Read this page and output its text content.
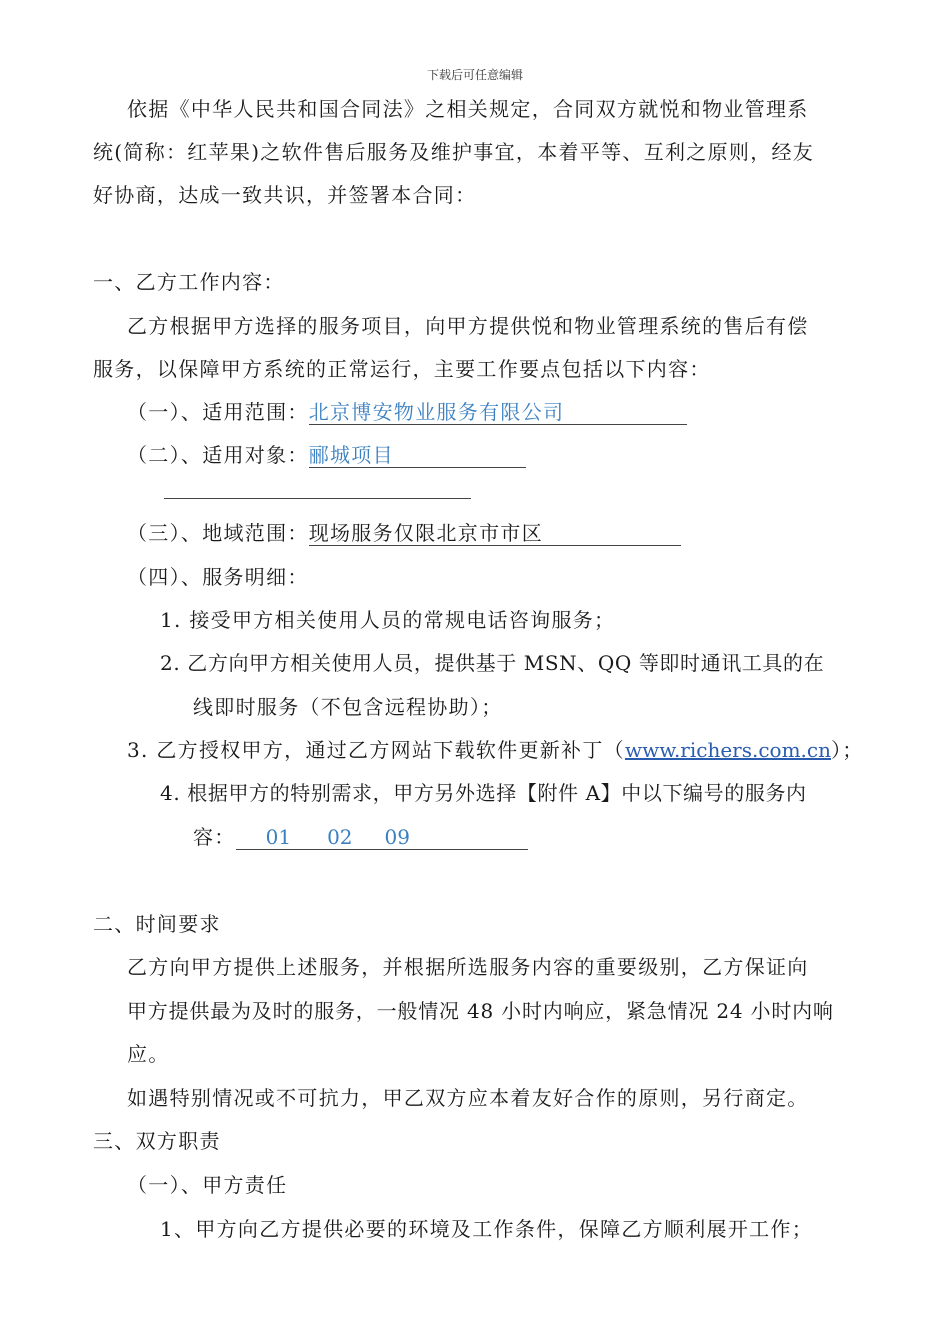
下载后可任意编辑
依据《中华人民共和国合同法》之相关规定，合同双方就悦和物业管理系
统(简称：红苹果)之软件售后服务及维护事宜，本着平等、互利之原则，经友
好协商，达成一致共识，并签署本合同：
一、乙方工作内容：
乙方根据甲方选择的服务项目，向甲方提供悦和物业管理系统的售后有偿
服务，以保障甲方系统的正常运行，主要工作要点包括以下内容：
（一）、适用范围：北京博安物业服务有限公司
（二）、适用对象：郦城项目
（三）、地域范围：现场服务仅限北京市市区
（四）、服务明细：
1. 接受甲方相关使用人员的常规电话咨询服务；
2. 乙方向甲方相关使用人员，提供基于 MSN、QQ 等即时通讯工具的在
线即时服务（不包含远程协助）；
3. 乙方授权甲方，通过乙方网站下载软件更新补丁（www.richers.com.cn）；
4. 根据甲方的特别需求，甲方另外选择【附件 A】中以下编号的服务内
容： 01 02 09
二、时间要求
乙方向甲方提供上述服务，并根据所选服务内容的重要级别，乙方保证向
甲方提供最为及时的服务，一般情况 48 小时内响应，紧急情况 24 小时内响
应。
如遇特别情况或不可抗力，甲乙双方应本着友好合作的原则，另行商定。
三、双方职责
（一）、甲方责任
1、甲方向乙方提供必要的环境及工作条件，保障乙方顺利展开工作；
